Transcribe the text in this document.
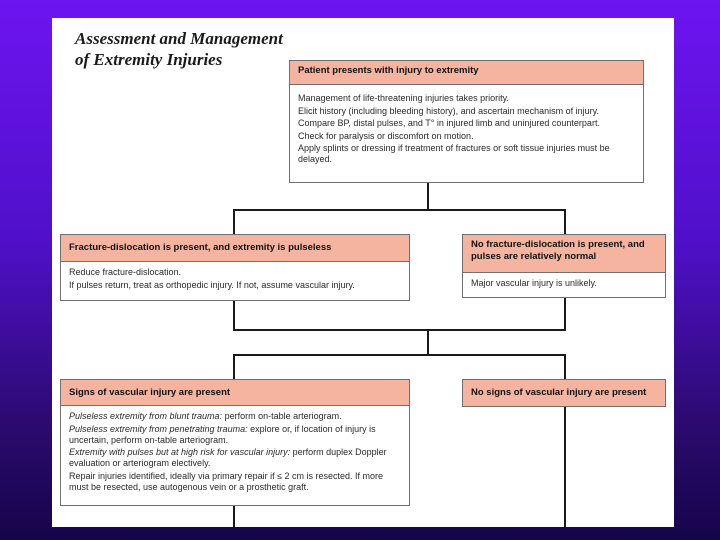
Assessment and Management
of Extremity Injuries
Patient presents with injury to extremity

Management of life-threatening injuries takes priority.

Elicit history (including bleeding history), and ascertain mechanism of injury.

Compare BP, distal pulses, and T° in injured limb and uninjured counterpart.

Check for paralysis or discomfort on motion.

Apply splints or dressing if treatment of fractures or soft tissue injuries must be delayed.

Fracture-dislocation is present, and extremity is pulseless

Reduce fracture-dislocation.

If pulses return, treat as orthopedic injury. If not, assume vascular injury.

No fracture-dislocation is present, and pulses are relatively normal

Major vascular injury is unlikely.

Signs of vascular injury are present

Pulseless extremity from blunt trauma: perform on-table arteriogram.

Pulseless extremity from penetrating trauma: explore or, if location of injury is uncertain, perform on-table arteriogram.

Extremity with pulses but at high risk for vascular injury: perform duplex Doppler evaluation or arteriogram electively.

Repair injuries identified, ideally via primary repair if ≤ 2 cm is resected. If more must be resected, use autogenous vein or a prosthetic graft.

No signs of vascular injury are present
